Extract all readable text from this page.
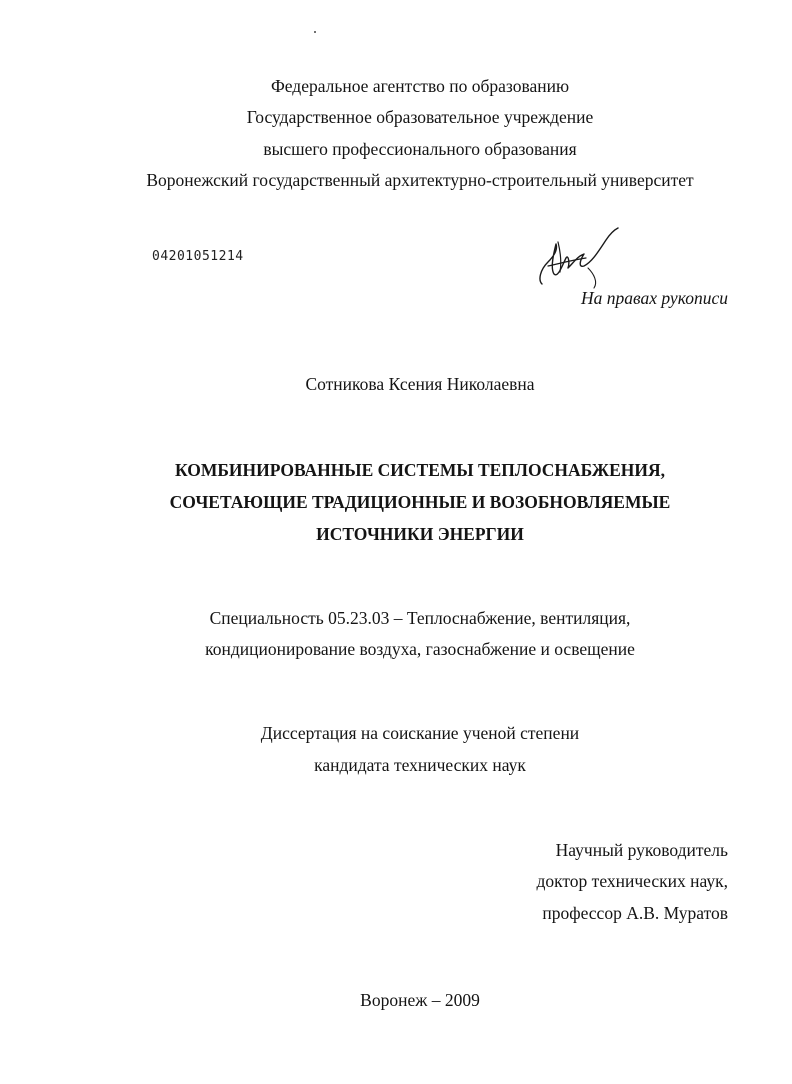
Федеральное агентство по образованию
Государственное образовательное учреждение
высшего профессионального образования
Воронежский государственный архитектурно-строительный университет
04201051214
На правах рукописи
Сотникова Ксения Николаевна
КОМБИНИРОВАННЫЕ СИСТЕМЫ ТЕПЛОСНАБЖЕНИЯ,
СОЧЕТАЮЩИЕ ТРАДИЦИОННЫЕ И ВОЗОБНОВЛЯЕМЫЕ
ИСТОЧНИКИ ЭНЕРГИИ
Специальность 05.23.03 – Теплоснабжение, вентиляция,
кондиционирование воздуха, газоснабжение и освещение
Диссертация на соискание ученой степени
кандидата технических наук
Научный руководитель
доктор технических наук,
профессор А.В. Муратов
Воронеж – 2009
